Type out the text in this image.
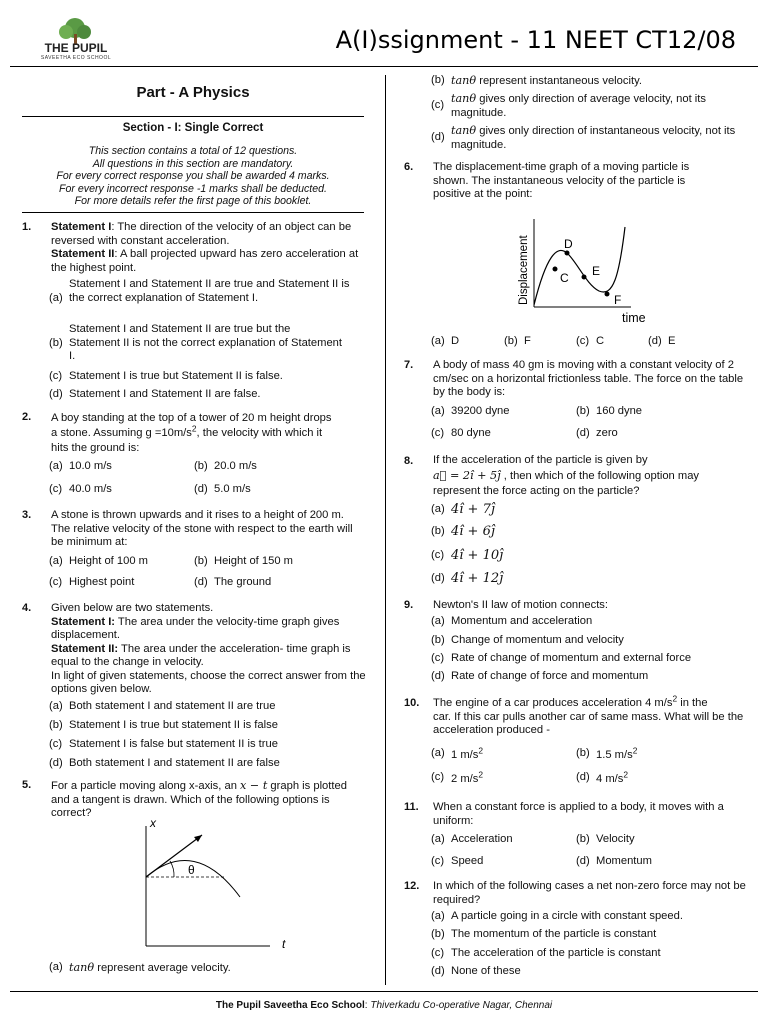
THE PUPIL
SAVEETHA ECO SCHOOL
A(I)ssignment - 11 NEET CT12/08
Part - A Physics
Section - I: Single Correct
This section contains a total of 12 questions.
All questions in this section are mandatory.
For every correct response you shall be awarded 4 marks.
For every incorrect response -1 marks shall be deducted.
For more details refer the first page of this booklet.
1. Statement I: The direction of the velocity of an object can be reversed with constant acceleration.
Statement II: A ball projected upward has zero acceleration at the highest point.
(a)
Statement I and Statement II are true and Statement II is the correct explanation of Statement I.
(b)
Statement I and Statement II are true but the Statement II is not the correct explanation of Statement I.
(c) Statement I is true but Statement II is false.
(d) Statement I and Statement II are false.
2. A boy standing at the top of a tower of 20 m height drops
a stone. Assuming $g =10m/s^2$, the velocity with which it
hits the ground is:
(a) 10.0 m/s	(b) 20.0 m/s
(c) 40.0 m/s	(d) 5.0 m/s
3. A stone is thrown upwards and it rises to a height of 200 m. The relative velocity of the stone with respect to the earth will be minimum at:
(a) Height of 100 m	(b) Height of 150 m
(c) Highest point	(d) The ground
4. Given below are two statements.
Statement I: The area under the velocity-time graph gives displacement.
Statement II: The area under the acceleration- time graph is equal to the change in velocity.
In light of given statements, choose the correct answer from the options given below.
(a) Both statement I and statement II are true
(b) Statement I is true but statement II is false
(c) Statement I is false but statement II is true
(d) Both statement I and statement II are false
5. For a particle moving along x-axis, an x − t graph is plotted and a tangent is drawn. Which of the following options is correct?
x
t
θ
(a) tanθ represent average velocity.
(b) tanθ represent instantaneous velocity.
(c) tanθ gives only direction of average velocity, not its magnitude.
(d) tanθ gives only direction of instantaneous velocity, not its magnitude.
6. The displacement-time graph of a moving particle is shown. The instantaneous velocity of the particle is positive at the point:
Displacement
time
D
C E
F
(a) D	(b) F	(c) C	(d) E
7. A body of mass 40 gm is moving with a constant velocity of 2 cm/sec on a horizontal frictionless table. The force on the table by the body is:
(a) 39200 dyne	(b) 160 dyne
(c) 80 dyne	(d) zero
8. If the acceleration of the particle is given by
a⃗ = 2î + 5ĵ , then which of the following option may
represent the force acting on the particle?
(a) 4î + 7ĵ
(b) 4î + 6ĵ
(c) 4î + 10ĵ
(d) 4î + 12ĵ
9. Newton's II law of motion connects:
(a) Momentum and acceleration
(b) Change of momentum and velocity
(c) Rate of change of momentum and external force
(d) Rate of change of force and momentum
10. The engine of a car produces acceleration 4 $m/s^2$ in the
car. If this car pulls another car of same mass. What will be the acceleration produced -
(a) 1 $m/s^2$	(b) 1.5 $m/s^2$
(c) 2 $m/s^2$	(d) 4 $m/s^2$
11. When a constant force is applied to a body, it moves with a uniform:
(a) Acceleration	(b) Velocity
(c) Speed	(d) Momentum
12. In which of the following cases a net non-zero force may not be required?
(a) A particle going in a circle with constant speed.
(b) The momentum of the particle is constant
(c) The acceleration of the particle is constant
(d) None of these
The Pupil Saveetha Eco School: Thiverkadu Co-operative Nagar, Chennai
